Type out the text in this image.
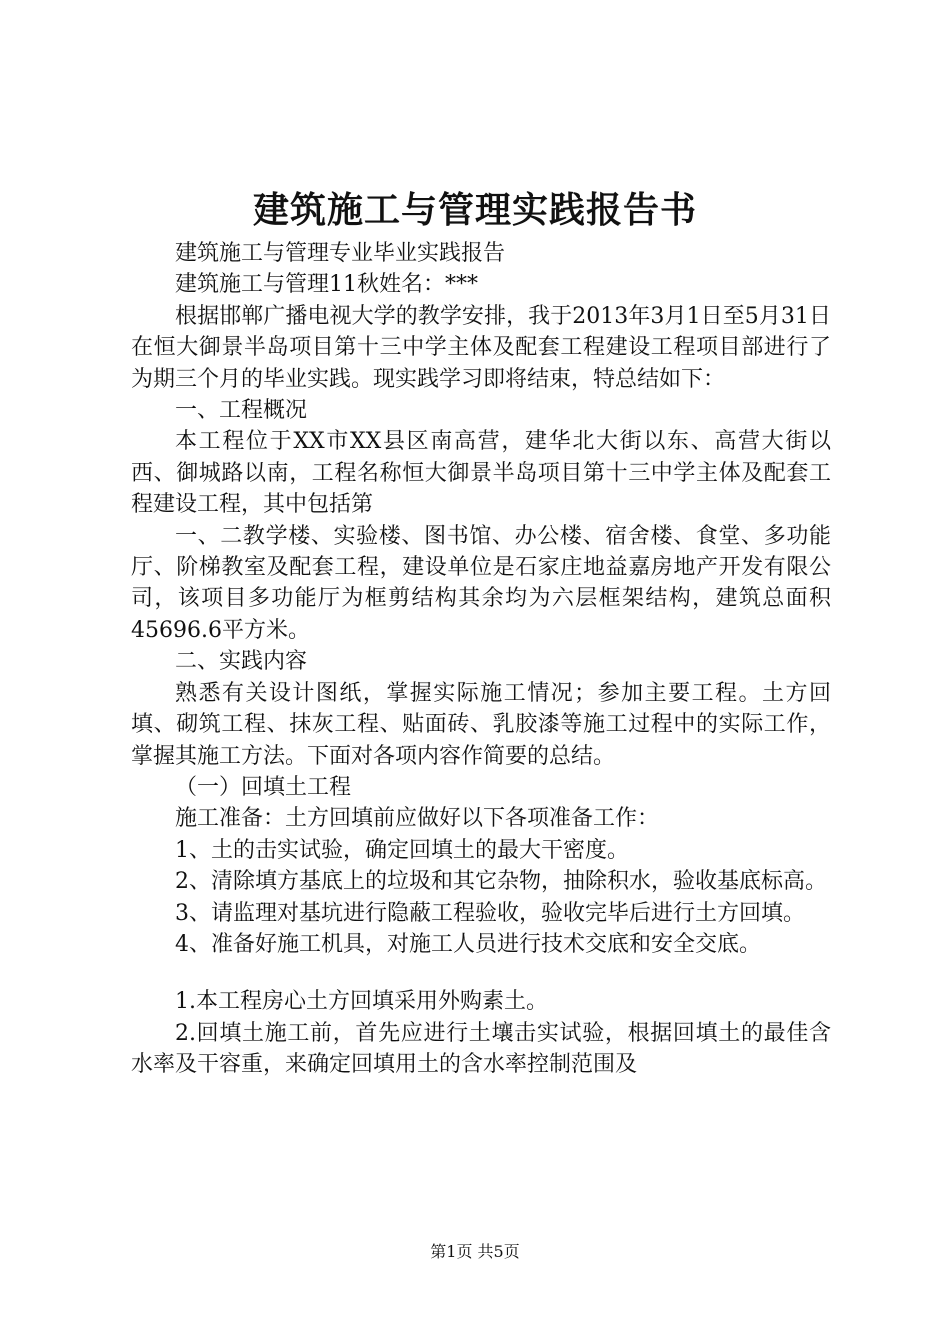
建筑施工与管理实践报告书

建筑施工与管理专业毕业实践报告

建筑施工与管理11秋姓名：***

根据邯郸广播电视大学的教学安排，我于2013年3月1日至5月31日在恒大御景半岛项目第十三中学主体及配套工程建设工程项目部进行了为期三个月的毕业实践。现实践学习即将结束，特总结如下：

一、工程概况

本工程位于XX市XX县区南高营，建华北大街以东、高营大街以西、御城路以南，工程名称恒大御景半岛项目第十三中学主体及配套工程建设工程，其中包括第

一、二教学楼、实验楼、图书馆、办公楼、宿舍楼、食堂、多功能厅、阶梯教室及配套工程，建设单位是石家庄地益嘉房地产开发有限公司，该项目多功能厅为框剪结构其余均为六层框架结构，建筑总面积45696.6平方米。

二、实践内容

熟悉有关设计图纸，掌握实际施工情况；参加主要工程。土方回填、砌筑工程、抹灰工程、贴面砖、乳胶漆等施工过程中的实际工作，掌握其施工方法。下面对各项内容作简要的总结。

（一）回填土工程

施工准备：土方回填前应做好以下各项准备工作：

1、土的击实试验，确定回填土的最大干密度。

2、清除填方基底上的垃圾和其它杂物，抽除积水，验收基底标高。

3、请监理对基坑进行隐蔽工程验收，验收完毕后进行土方回填。

4、准备好施工机具，对施工人员进行技术交底和安全交底。

1.本工程房心土方回填采用外购素土。

2.回填土施工前，首先应进行土壤击实试验，根据回填土的最佳含水率及干容重，来确定回填用土的含水率控制范围及

第1页 共5页
